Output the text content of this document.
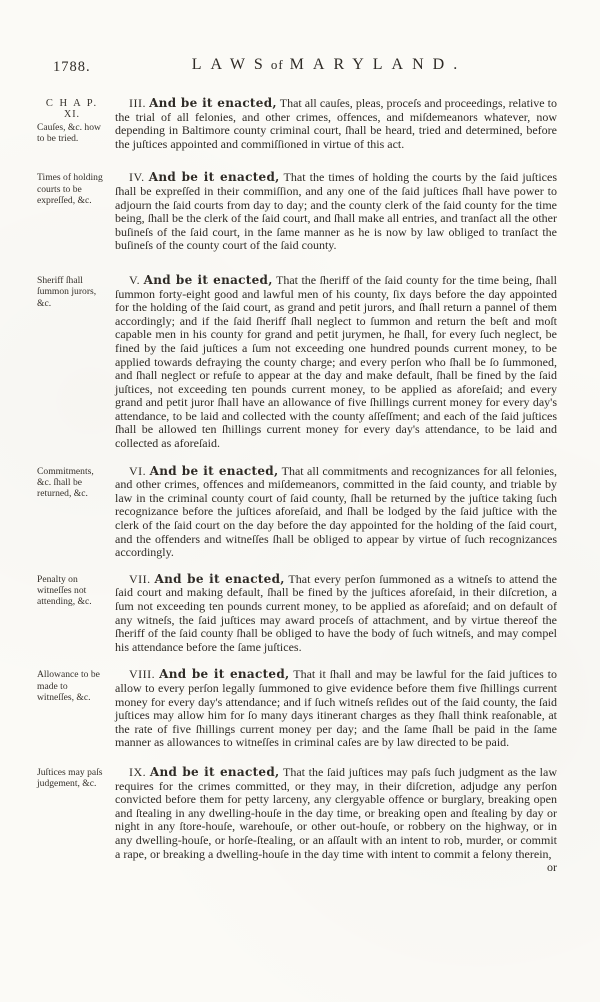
1788.	LAWS of MARYLAND.
C H A P.
XI.
Cauſes, &c. how to be tried.

III. And be it enacted, That all cauſes, pleas, proceſs and proceedings, relative to the trial of all felonies, and other crimes, offences, and miſdemeanors whatever, now depending in Baltimore county criminal court, ſhall be heard, tried and determined, before the juſtices appointed and commiſſioned in virtue of this act.

Times of holding courts to be expreſſed, &c.

IV. And be it enacted, That the times of holding the courts by the ſaid juſtices ſhall be expreſſed in their commiſſion, and any one of the ſaid juſtices ſhall have power to adjourn the ſaid courts from day to day; and the county clerk of the ſaid county for the time being, ſhall be the clerk of the ſaid court, and ſhall make all entries, and tranſact all the other buſineſs of the ſaid court, in the ſame manner as he is now by law obliged to tranſact the buſineſs of the county court of the ſaid county.

Sheriff ſhall ſummon jurors, &c.

V. And be it enacted, That the ſheriff of the ſaid county for the time being, ſhall ſummon forty-eight good and lawful men of his county, ſix days before the day appointed for the holding of the ſaid court, as grand and petit jurors, and ſhall return a pannel of them accordingly; and if the ſaid ſheriff ſhall neglect to ſummon and return the beſt and moſt capable men in his county for grand and petit jurymen, he ſhall, for every ſuch neglect, be fined by the ſaid juſtices a ſum not exceeding one hundred pounds current money, to be applied towards defraying the county charge; and every perſon who ſhall be ſo ſummoned, and ſhall neglect or refuſe to appear at the day and make default, ſhall be fined by the ſaid juſtices, not exceeding ten pounds current money, to be applied as aforeſaid; and every grand and petit juror ſhall have an allowance of five ſhillings current money for every day's attendance, to be laid and collected with the county aſſeſſment; and each of the ſaid juſtices ſhall be allowed ten ſhillings current money for every day's attendance, to be laid and collected as aforeſaid.

Commitments, &c. ſhall be returned, &c.

VI. And be it enacted, That all commitments and recognizances for all felonies, and other crimes, offences and miſdemeanors, committed in the ſaid county, and triable by law in the criminal county court of ſaid county, ſhall be returned by the juſtice taking ſuch recognizance before the juſtices aforeſaid, and ſhall be lodged by the ſaid juſtice with the clerk of the ſaid court on the day before the day appointed for the holding of the ſaid court, and the offenders and witneſſes ſhall be obliged to appear by virtue of ſuch recognizances accordingly.

Penalty on witneſſes not attending, &c.

VII. And be it enacted, That every perſon ſummoned as a witneſs to attend the ſaid court and making default, ſhall be fined by the juſtices aforeſaid, in their diſcretion, a ſum not exceeding ten pounds current money, to be applied as aforeſaid; and on default of any witneſs, the ſaid juſtices may award proceſs of attachment, and by virtue thereof the ſheriff of the ſaid county ſhall be obliged to have the body of ſuch witneſs, and may compel his attendance before the ſame juſtices.

Allowance to be made to witneſſes, &c.

VIII. And be it enacted, That it ſhall and may be lawful for the ſaid juſtices to allow to every perſon legally ſummoned to give evidence before them five ſhillings current money for every day's attendance; and if ſuch witneſs reſides out of the ſaid county, the ſaid juſtices may allow him for ſo many days itinerant charges as they ſhall think reaſonable, at the rate of five ſhillings current money per day; and the ſame ſhall be paid in the ſame manner as allowances to witneſſes in criminal caſes are by law directed to be paid.

Juſtices may paſs judgement, &c.

IX. And be it enacted, That the ſaid juſtices may paſs ſuch judgment as the law requires for the crimes committed, or they may, in their diſcretion, adjudge any perſon convicted before them for petty larceny, any clergyable offence or burglary, breaking open and ſtealing in any dwelling-houſe in the day time, or breaking open and ſtealing by day or night in any ſtore-houſe, warehouſe, or other out-houſe, or robbery on the highway, or in any dwelling-houſe, or horſe-ſtealing, or an aſſault with an intent to rob, murder, or commit a rape, or breaking a dwelling-houſe in the day time with intent to commit a felony therein,

or
